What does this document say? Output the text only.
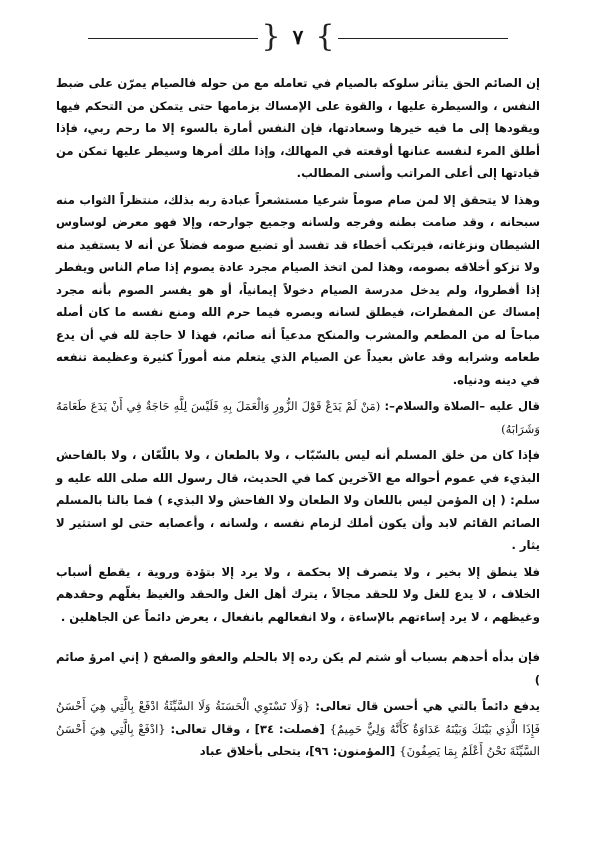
} ٧ {

إن الصائم الحق يتأثر سلوكه بالصيام في تعامله مع من حوله فالصيام يمرّن على ضبط النفس ، والسيطرة عليها ، والقوة على الإمساك بزمامها حتى يتمكن من التحكم فيها ويقودها إلى ما فيه خيرها وسعادتها، فإن النفس أمارة بالسوء إلا ما رحم ربي، فإذا أطلق المرء لنفسه عنانها أوقعته في المهالك، وإذا ملك أمرها وسيطر عليها تمكن من قيادتها إلى أعلى المراتب وأسنى المطالب.

وهذا لا يتحقق إلا لمن صام صوماً شرعيا مستشعراً عبادة ربه بذلك، منتظراً الثواب منه سبحانه ، وقد صامت بطنه وفرجه ولسانه وجميع جوارحه، وإلا فهو معرض لوساوس الشيطان ونزغاته، فيرتكب أخطاء قد تفسد أو تضيع صومه فضلاً عن أنه لا يستفيد منه ولا تزكو أخلاقه بصومه، وهذا لمن اتخذ الصيام مجرد عادة يصوم إذا صام الناس ويفطر إذا أفطروا، ولم يدخل مدرسة الصيام دخولاً إيمانياً، أو هو يفسر الصوم بأنه مجرد إمساك عن المفطرات، فيطلق لسانه وبصره فيما حرم الله ومنع نفسه ما كان أصله مباحاً له من المطعم والمشرب والمنكح مدعياً أنه صائم، فهذا لا حاجة لله في أن يدع طعامه وشرابه وقد عاش بعيداً عن الصيام الذي يتعلم منه أموراً كثيرة وعظيمة تنفعه في دينه ودنياه.

قال عليه –الصلاة والسلام–: (مَنْ لَمْ يَدَعْ قَوْلَ الزُّورِ وَالْعَمَلَ بِهِ فَلَيْسَ لِلَّهِ حَاجَةٌ فِي أَنْ يَدَعَ طَعَامَهُ وَشَرَابَهُ)

فإذا كان من خلق المسلم أنه ليس بالسّبّاب ، ولا بالطعان ، ولا باللّعّان ، ولا بالفاحش البذيء في عموم أحواله مع الآخرين كما في الحديث، قال رسول الله صلى الله عليه و سلم: ( إن المؤمن ليس باللعان ولا الطعان ولا الفاحش ولا البذيء ) فما بالنا بالمسلم الصائم القائم لابد وأن يكون أملك لزمام نفسه ، ولسانه ، وأعصابه حتى لو استثير لا يثار .

فلا ينطق إلا بخير ، ولا يتصرف إلا بحكمة ، ولا يرد إلا بتؤدة وروية ، يقطع أسباب الخلاف ، لا يدع للغل ولا للحقد مجالاً ، يترك أهل الغل والحقد والغيظ بغلّهم وحقدهم وغيظهم ، لا يرد إساءتهم بالإساءة ، ولا انفعالهم بانفعال ، يعرض دائماً عن الجاهلين .

فإن بدأه أحدهم بسباب أو شتم لم يكن رده إلا بالحلم والعفو والصفح ( إني امرؤ صائم )

يدفع دائماً بالتي هي أحسن قال تعالى: {وَلَا تَسْتَوِي الْحَسَنَةُ وَلَا السَّيِّئَةُ ادْفَعْ بِالَّتِي هِيَ أَحْسَنُ فَإِذَا الَّذِي بَيْنَكَ وَبَيْنَهُ عَدَاوَةٌ كَأَنَّهُ وَلِيٌّ حَمِيمٌ} [فصلت: ٣٤] ، وقال تعالى: {ادْفَعْ بِالَّتِي هِيَ أَحْسَنُ السَّيِّئَةَ نَحْنُ أَعْلَمُ بِمَا يَصِفُونَ} [المؤمنون: ٩٦]، يتحلى بأخلاق عباد
